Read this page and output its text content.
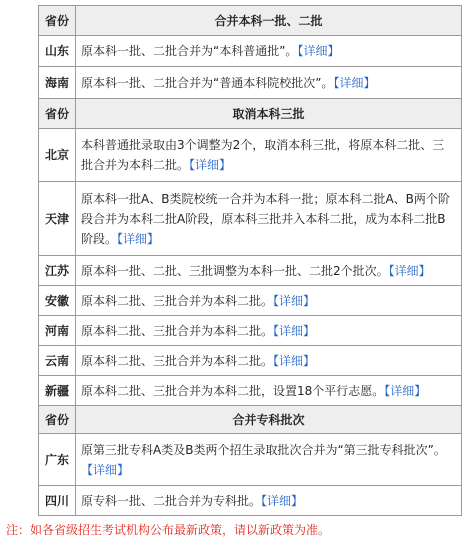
省份	合并本科一批、二批
山东	原本科一批、二批合并为“本科普通批”。【详细】
海南	原本科一批、二批合并为“普通本科院校批次”。【详细】
省份	取消本科三批
北京	本科普通批录取由3个调整为2个，取消本科三批，将原本科二批、三批合并为本科二批。【详细】
天津	原本科一批A、B类院校统一合并为本科一批；原本科二批A、B两个阶段合并为本科二批A阶段，原本科三批并入本科二批，成为本科二批B阶段。【详细】
江苏	原本科一批、二批、三批调整为本科一批、二批2个批次。【详细】
安徽	原本科二批、三批合并为本科二批。【详细】
河南	原本科二批、三批合并为本科二批。【详细】
云南	原本科二批、三批合并为本科二批。【详细】
新疆	原本科二批、三批合并为本科二批，设置18个平行志愿。【详细】
省份	合并专科批次
广东	原第三批专科A类及B类两个招生录取批次合并为“第三批专科批次”。【详细】
四川	原专科一批、二批合并为专科批。【详细】
注：如各省级招生考试机构公布最新政策，请以新政策为准。
